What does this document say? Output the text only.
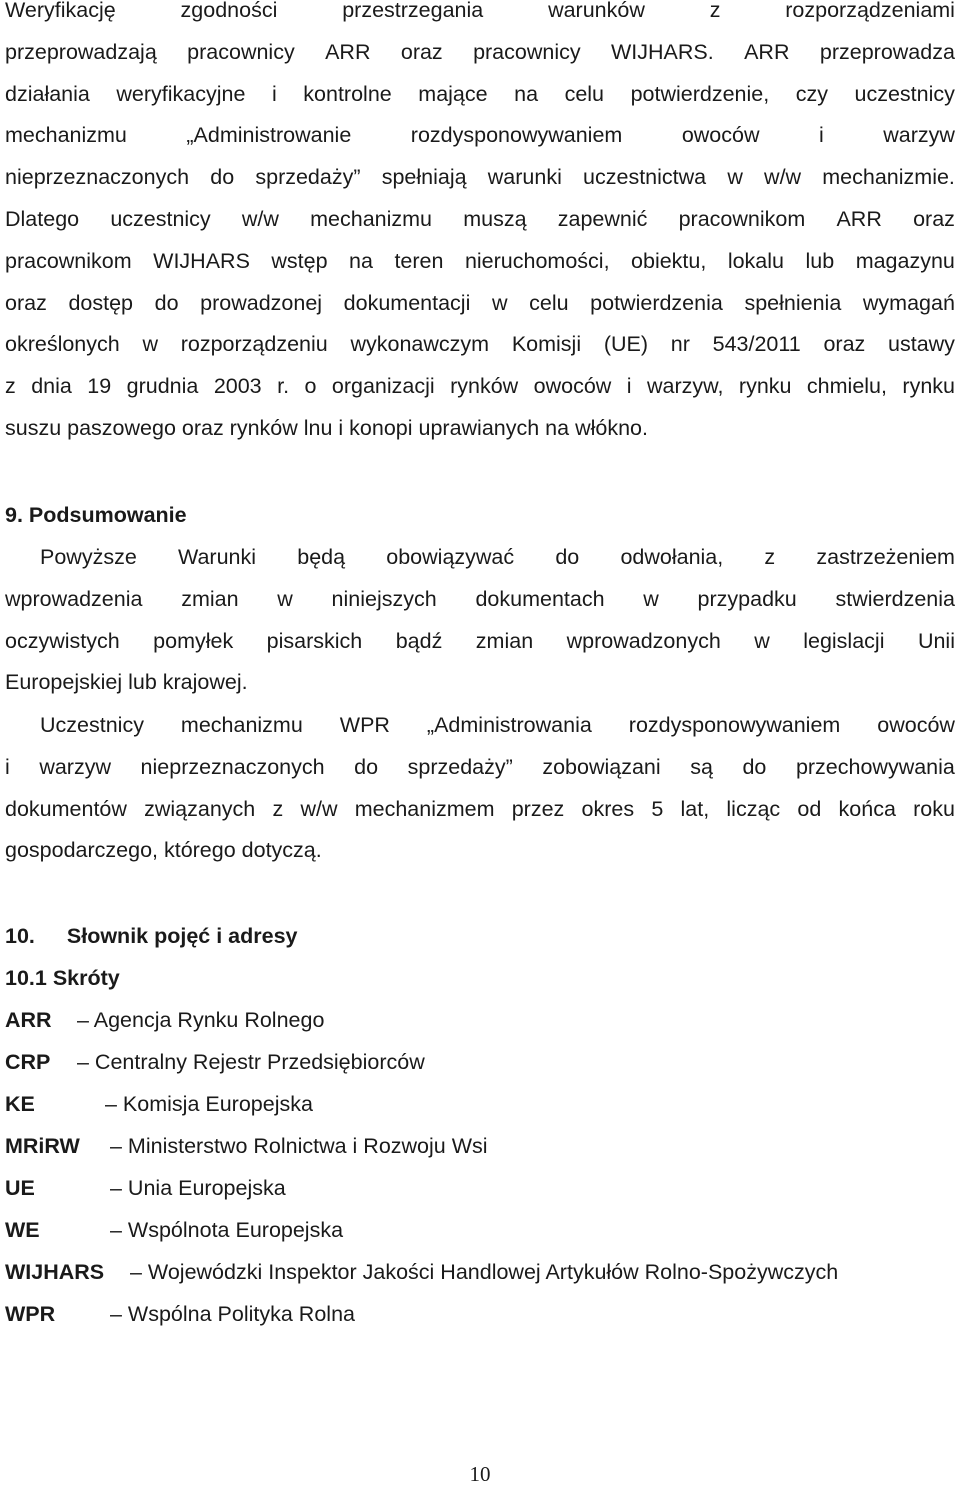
Weryfikację	zgodności	przestrzegania	warunków	z	rozporządzeniami
przeprowadzają pracownicy ARR oraz pracownicy WIJHARS. ARR przeprowadza
działania weryfikacyjne i kontrolne mające na celu potwierdzenie, czy uczestnicy
mechanizmu	„Administrowanie	rozdysponowywaniem	owoców	i	warzyw
nieprzeznaczonych do sprzedaży” spełniają warunki uczestnictwa w w/w mechanizmie.
Dlatego uczestnicy w/w mechanizmu muszą zapewnić pracownikom ARR oraz
pracownikom WIJHARS wstęp na teren nieruchomości, obiektu, lokalu lub magazynu
oraz dostęp do prowadzonej dokumentacji w celu potwierdzenia spełnienia wymagań
określonych w rozporządzeniu wykonawczym Komisji (UE) nr 543/2011 oraz ustawy
z dnia 19 grudnia 2003 r. o organizacji rynków owoców i warzyw, rynku chmielu, rynku
suszu paszowego oraz rynków lnu i konopi uprawianych na włókno.
9. Podsumowanie
Powyższe Warunki będą obowiązywać do odwołania, z zastrzeżeniem
wprowadzenia zmian w niniejszych dokumentach w przypadku stwierdzenia
oczywistych pomyłek pisarskich bądź zmian wprowadzonych w legislacji Unii
Europejskiej lub krajowej.
Uczestnicy mechanizmu WPR „Administrowania rozdysponowywaniem owoców
i warzyw nieprzeznaczonych do sprzedaży” zobowiązani są do przechowywania
dokumentów związanych z w/w mechanizmem przez okres 5 lat, licząc od końca roku
gospodarczego, którego dotyczą.
10. Słownik pojęć i adresy
10.1 Skróty
ARR – Agencja Rynku Rolnego
CRP – Centralny Rejestr Przedsiębiorców
KE	– Komisja Europejska
MRiRW – Ministerstwo Rolnictwa i Rozwoju Wsi
UE	– Unia Europejska
WE	– Wspólnota Europejska
WIJHARS – Wojewódzki Inspektor Jakości Handlowej Artykułów Rolno-Spożywczych
WPR	– Wspólna Polityka Rolna
10
